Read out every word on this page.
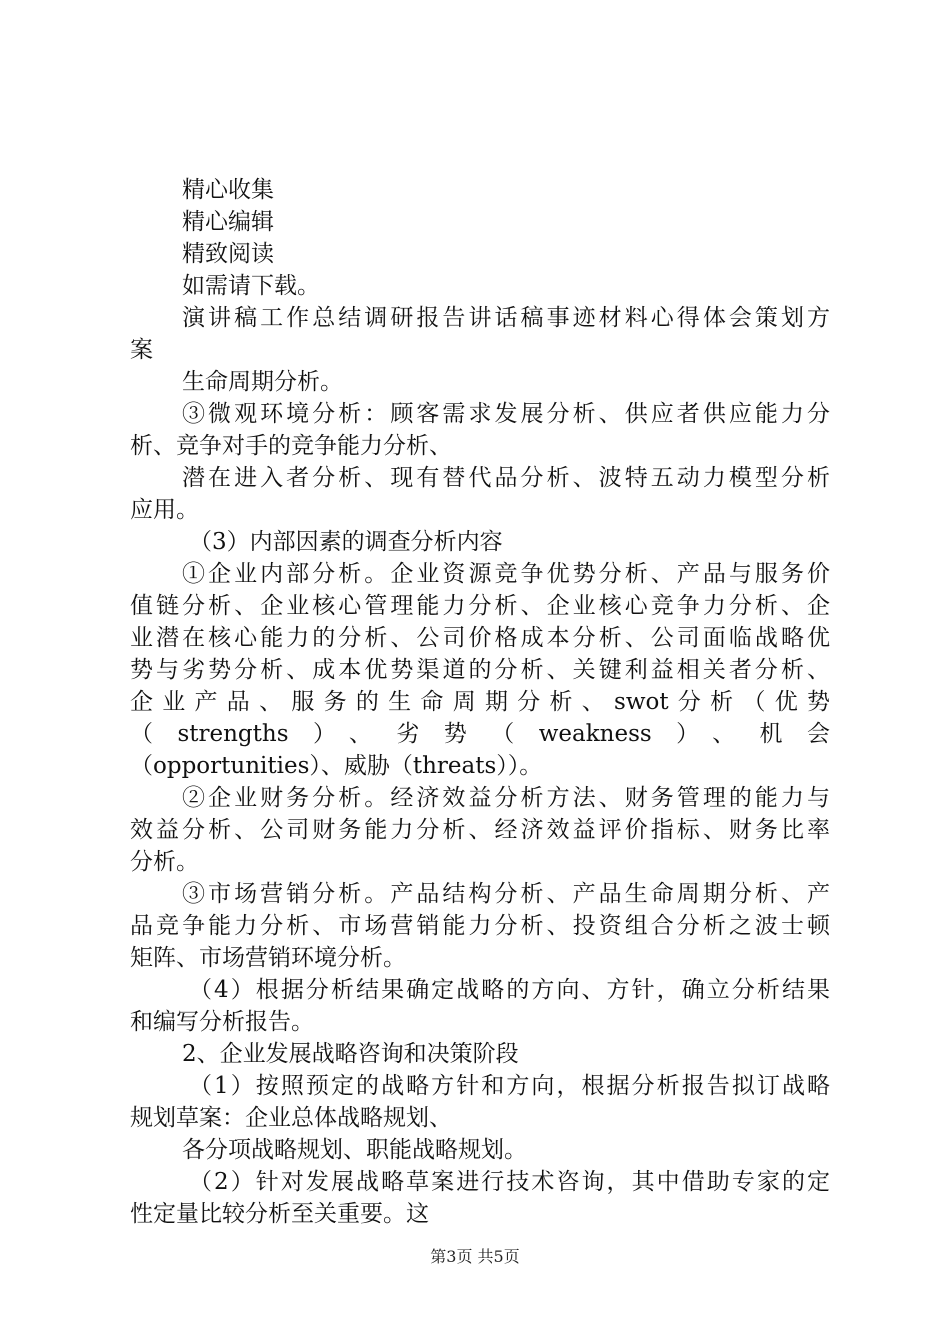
精心收集
精心编辑
精致阅读
如需请下载。
演讲稿工作总结调研报告讲话稿事迹材料心得体会策划方
案
生命周期分析。
③微观环境分析：顾客需求发展分析、供应者供应能力分
析、竞争对手的竞争能力分析、
潜在进入者分析、现有替代品分析、波特五动力模型分析
应用。
（3）内部因素的调查分析内容
①企业内部分析。企业资源竞争优势分析、产品与服务价
值链分析、企业核心管理能力分析、企业核心竞争力分析、企
业潜在核心能力的分析、公司价格成本分析、公司面临战略优
势与劣势分析、成本优势渠道的分析、关键利益相关者分析、
企业产品、服务的生命周期分析、swot分析（优势
（strengths）、劣势（weakness）、机会
（opportunities）、威胁（threats））。
②企业财务分析。经济效益分析方法、财务管理的能力与
效益分析、公司财务能力分析、经济效益评价指标、财务比率
分析。
③市场营销分析。产品结构分析、产品生命周期分析、产
品竞争能力分析、市场营销能力分析、投资组合分析之波士顿
矩阵、市场营销环境分析。
（4）根据分析结果确定战略的方向、方针，确立分析结果
和编写分析报告。
2、企业发展战略咨询和决策阶段
（1）按照预定的战略方针和方向，根据分析报告拟订战略
规划草案：企业总体战略规划、
各分项战略规划、职能战略规划。
（2）针对发展战略草案进行技术咨询，其中借助专家的定
性定量比较分析至关重要。这
第3页 共5页
